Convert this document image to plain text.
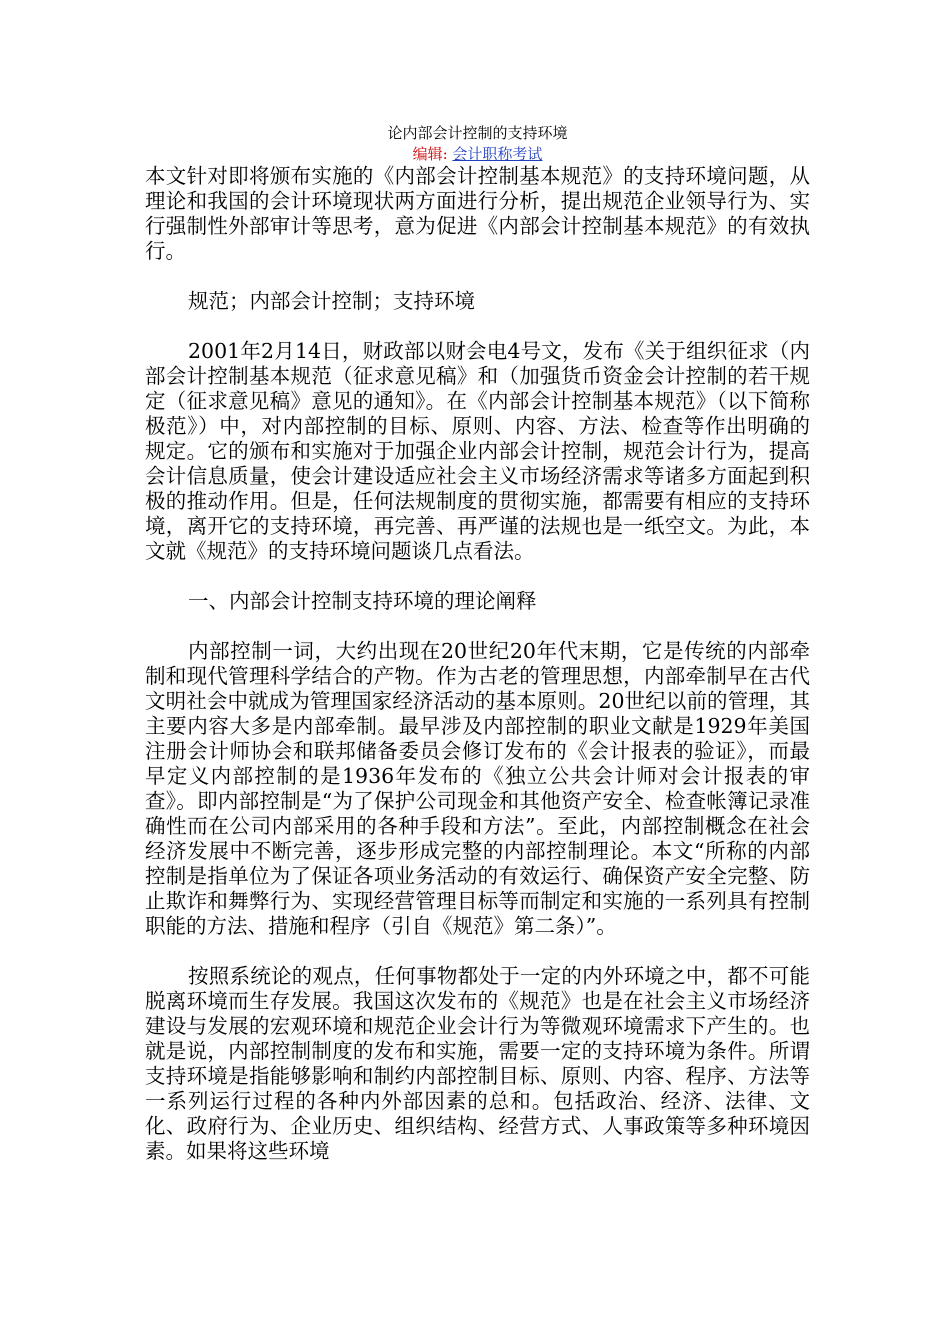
论内部会计控制的支持环境

编辑: 会计职称考试

本文针对即将颁布实施的《内部会计控制基本规范》的支持环境问题，从理论和我国的会计环境现状两方面进行分析，提出规范企业领导行为、实行强制性外部审计等思考，意为促进《内部会计控制基本规范》的有效执行。

规范；内部会计控制；支持环境

2001年2月14日，财政部以财会电4号文，发布《关于组织征求（内部会计控制基本规范（征求意见稿》和（加强货币资金会计控制的若干规定（征求意见稿》意见的通知》。在《内部会计控制基本规范》（以下简称极范》）中，对内部控制的目标、原则、内容、方法、检查等作出明确的规定。它的颁布和实施对于加强企业内部会计控制，规范会计行为，提高会计信息质量，使会计建设适应社会主义市场经济需求等诸多方面起到积极的推动作用。但是，任何法规制度的贯彻实施，都需要有相应的支持环境，离开它的支持环境，再完善、再严谨的法规也是一纸空文。为此，本文就《规范》的支持环境问题谈几点看法。

一、内部会计控制支持环境的理论阐释

内部控制一词，大约出现在20世纪20年代末期，它是传统的内部牵制和现代管理科学结合的产物。作为古老的管理思想，内部牵制早在古代文明社会中就成为管理国家经济活动的基本原则。20世纪以前的管理，其主要内容大多是内部牵制。最早涉及内部控制的职业文献是1929年美国注册会计师协会和联邦储备委员会修订发布的《会计报表的验证》，而最早定义内部控制的是1936年发布的《独立公共会计师对会计报表的审查》。即内部控制是“为了保护公司现金和其他资产安全、检查帐簿记录准确性而在公司内部采用的各种手段和方法”。至此，内部控制概念在社会经济发展中不断完善，逐步形成完整的内部控制理论。本文“所称的内部控制是指单位为了保证各项业务活动的有效运行、确保资产安全完整、防止欺诈和舞弊行为、实现经营管理目标等而制定和实施的一系列具有控制职能的方法、措施和程序（引自《规范》第二条）”。

按照系统论的观点，任何事物都处于一定的内外环境之中，都不可能脱离环境而生存发展。我国这次发布的《规范》也是在社会主义市场经济建设与发展的宏观环境和规范企业会计行为等微观环境需求下产生的。也就是说，内部控制制度的发布和实施，需要一定的支持环境为条件。所谓支持环境是指能够影响和制约内部控制目标、原则、内容、程序、方法等一系列运行过程的各种内外部因素的总和。包括政治、经济、法律、文化、政府行为、企业历史、组织结构、经营方式、人事政策等多种环境因素。如果将这些环境
